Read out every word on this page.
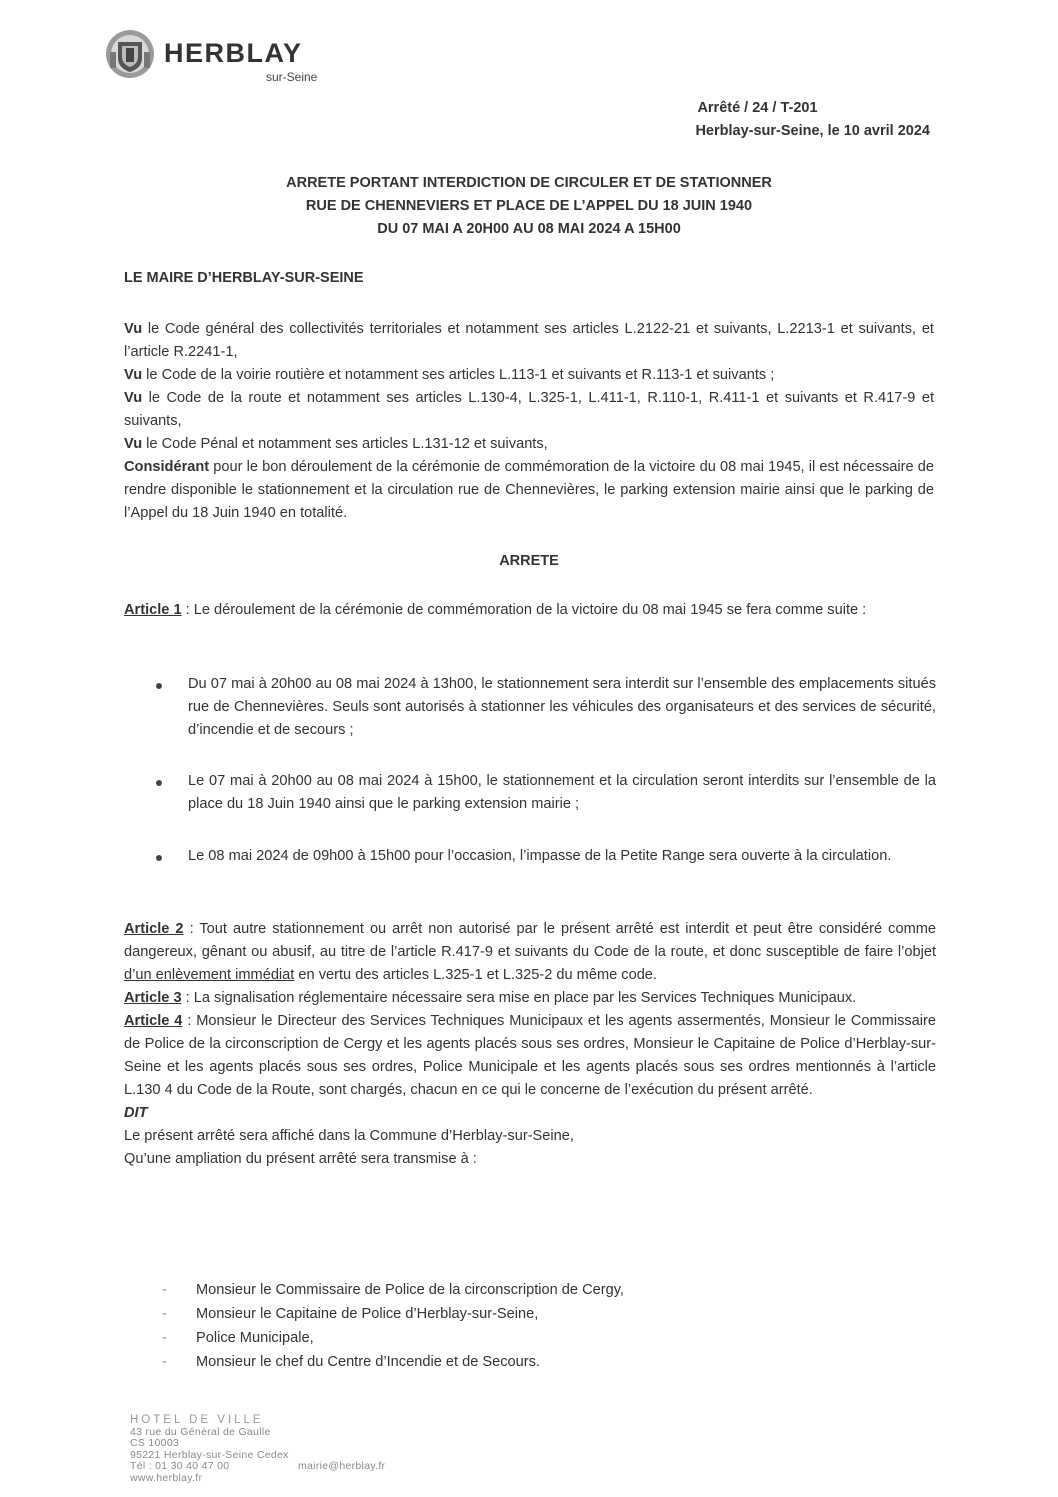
HERBLAY
sur-Seine
Arrêté / 24 / T-201
Herblay-sur-Seine, le 10 avril 2024
ARRETE PORTANT INTERDICTION DE CIRCULER ET DE STATIONNER
RUE DE CHENNEVIERS ET PLACE DE L’APPEL DU 18 JUIN 1940
DU 07 MAI A 20H00 AU 08 MAI 2024 A 15H00
LE MAIRE D’HERBLAY-SUR-SEINE

Vu le Code général des collectivités territoriales et notamment ses articles L.2122-21 et suivants, L.2213-1 et suivants, et l’article R.2241-1,

Vu le Code de la voirie routière et notamment ses articles L.113-1 et suivants et R.113-1 et suivants ;

Vu le Code de la route et notamment ses articles L.130-4, L.325-1, L.411-1, R.110-1, R.411-1 et suivants et R.417-9 et suivants,

Vu le Code Pénal et notamment ses articles L.131-12 et suivants,

Considérant pour le bon déroulement de la cérémonie de commémoration de la victoire du 08 mai 1945, il est nécessaire de rendre disponible le stationnement et la circulation rue de Chennevières, le parking extension mairie ainsi que le parking de l’Appel du 18 Juin 1940 en totalité.

ARRETE

Article 1 : Le déroulement de la cérémonie de commémoration de la victoire du 08 mai 1945 se fera comme suite :

Du 07 mai à 20h00 au 08 mai 2024 à 13h00, le stationnement sera interdit sur l’ensemble des emplacements situés rue de Chennevières. Seuls sont autorisés à stationner les véhicules des organisateurs et des services de sécurité, d’incendie et de secours ;
Le 07 mai à 20h00 au 08 mai 2024 à 15h00, le stationnement et la circulation seront interdits sur l’ensemble de la place du 18 Juin 1940 ainsi que le parking extension mairie ;
Le 08 mai 2024 de 09h00 à 15h00 pour l’occasion, l’impasse de la Petite Range sera ouverte à la circulation.

Article 2 : Tout autre stationnement ou arrêt non autorisé par le présent arrêté est interdit et peut être considéré comme dangereux, gênant ou abusif, au titre de l’article R.417-9 et suivants du Code de la route, et donc susceptible de faire l’objet d’un enlèvement immédiat en vertu des articles L.325-1 et L.325-2 du même code.

Article 3 : La signalisation réglementaire nécessaire sera mise en place par les Services Techniques Municipaux.

Article 4 : Monsieur le Directeur des Services Techniques Municipaux et les agents assermentés, Monsieur le Commissaire de Police de la circonscription de Cergy et les agents placés sous ses ordres, Monsieur le Capitaine de Police d’Herblay-sur-Seine et les agents placés sous ses ordres, Police Municipale et les agents placés sous ses ordres mentionnés à l’article L.130 4 du Code de la Route, sont chargés, chacun en ce qui le concerne de l’exécution du présent arrêté.

DIT

Le présent arrêté sera affiché dans la Commune d’Herblay-sur-Seine,

Qu’une ampliation du présent arrêté sera transmise à :

- Monsieur le Commissaire de Police de la circonscription de Cergy,
- Monsieur le Capitaine de Police d’Herblay-sur-Seine,
- Police Municipale,
- Monsieur le chef du Centre d’Incendie et de Secours.
HOTEL DE VILLE
43 rue du Général de Gaulle
CS 10003
95221 Herblay-sur-Seine Cedex
Tél : 01 30 40 47 00	mairie@herblay.fr
www.herblay.fr
